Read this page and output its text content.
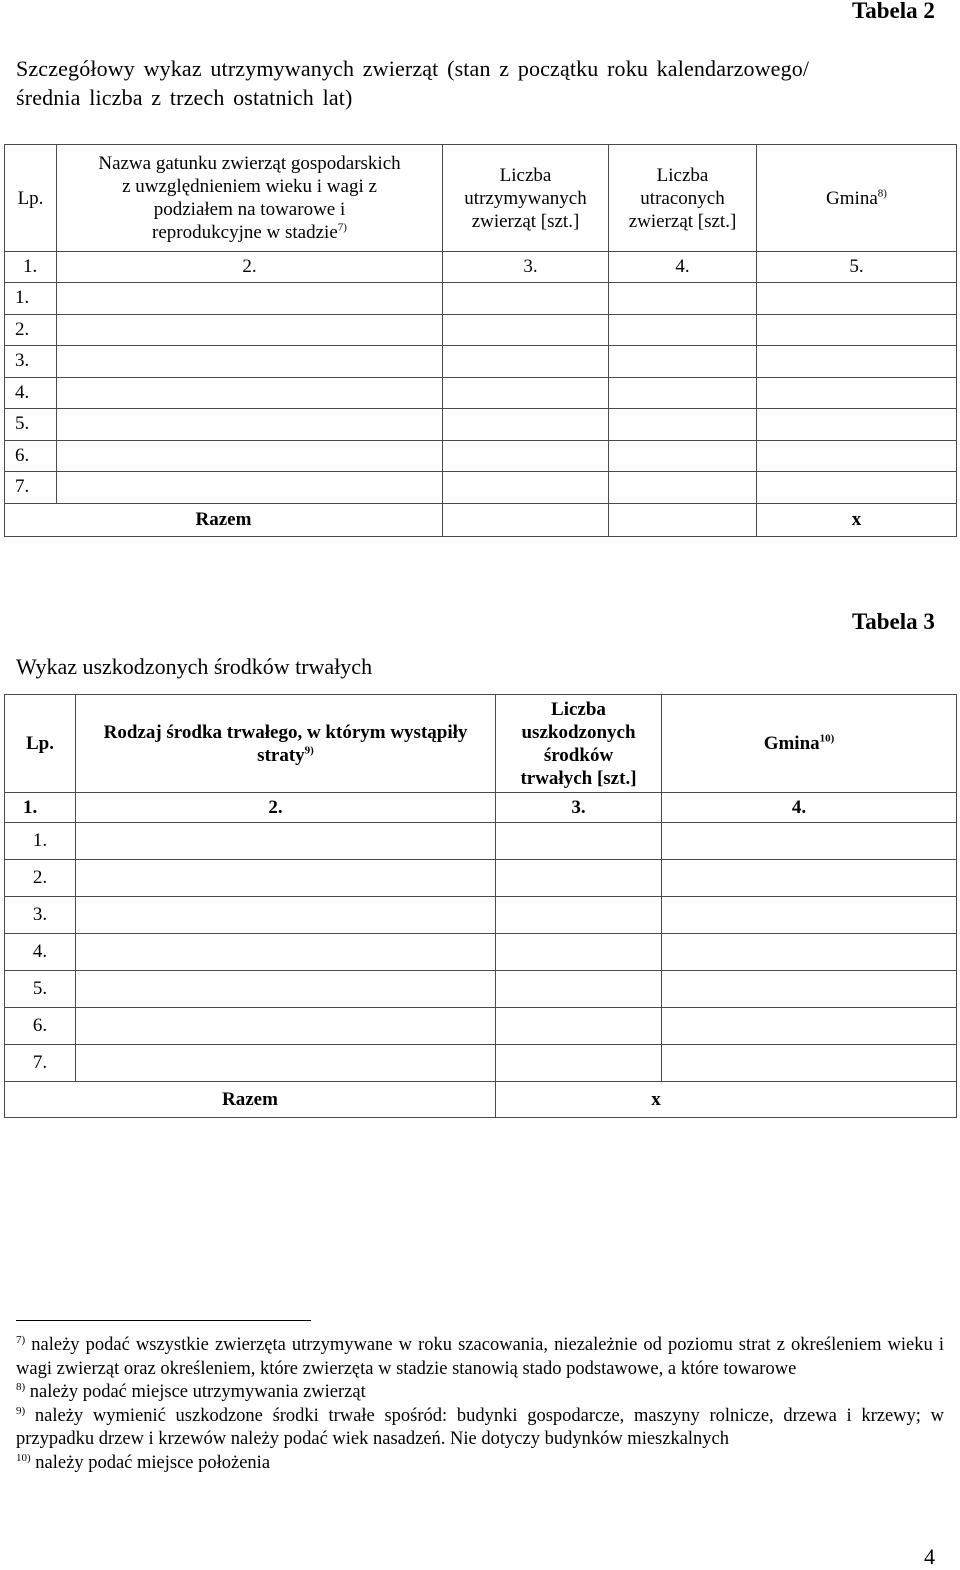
Tabela 2
Szczegółowy wykaz utrzymywanych zwierząt (stan z początku roku kalendarzowego/
średnia liczba z trzech ostatnich lat)
Lp.	Nazwa gatunku zwierząt gospodarskich z uwzględnieniem wieku i wagi z podziałem na towarowe i reprodukcyjne w stadzie$^{7)}$	Liczba utrzymywanych zwierząt [szt.]	Liczba utraconych zwierząt [szt.]	Gmina$^{8)}$
1.	2.	3.	4.	5.
1.				
2.				
3.				
4.				
5.				
6.				
7.				
Razem				x
Tabela 3
Wykaz uszkodzonych środków trwałych
Lp.	Rodzaj środka trwałego, w którym wystąpiły straty$^{9)}$	Liczba uszkodzonych środków trwałych [szt.]	Gmina$^{10)}$
1.	2.	3.	4.
1.			
2.			
3.			
4.			
5.			
6.			
7.			
Razem		x	
$^{7)}$ należy podać wszystkie zwierzęta utrzymywane w roku szacowania, niezależnie od poziomu strat z określeniem wieku i wagi zwierząt oraz określeniem, które zwierzęta w stadzie stanowią stado podstawowe, a które towarowe
$^{8)}$ należy podać miejsce utrzymywania zwierząt
$^{9)}$ należy wymienić uszkodzone środki trwałe spośród: budynki gospodarcze, maszyny rolnicze, drzewa i krzewy; w przypadku drzew i krzewów należy podać wiek nasadzeń. Nie dotyczy budynków mieszkalnych
$^{10)}$ należy podać miejsce położenia
4
